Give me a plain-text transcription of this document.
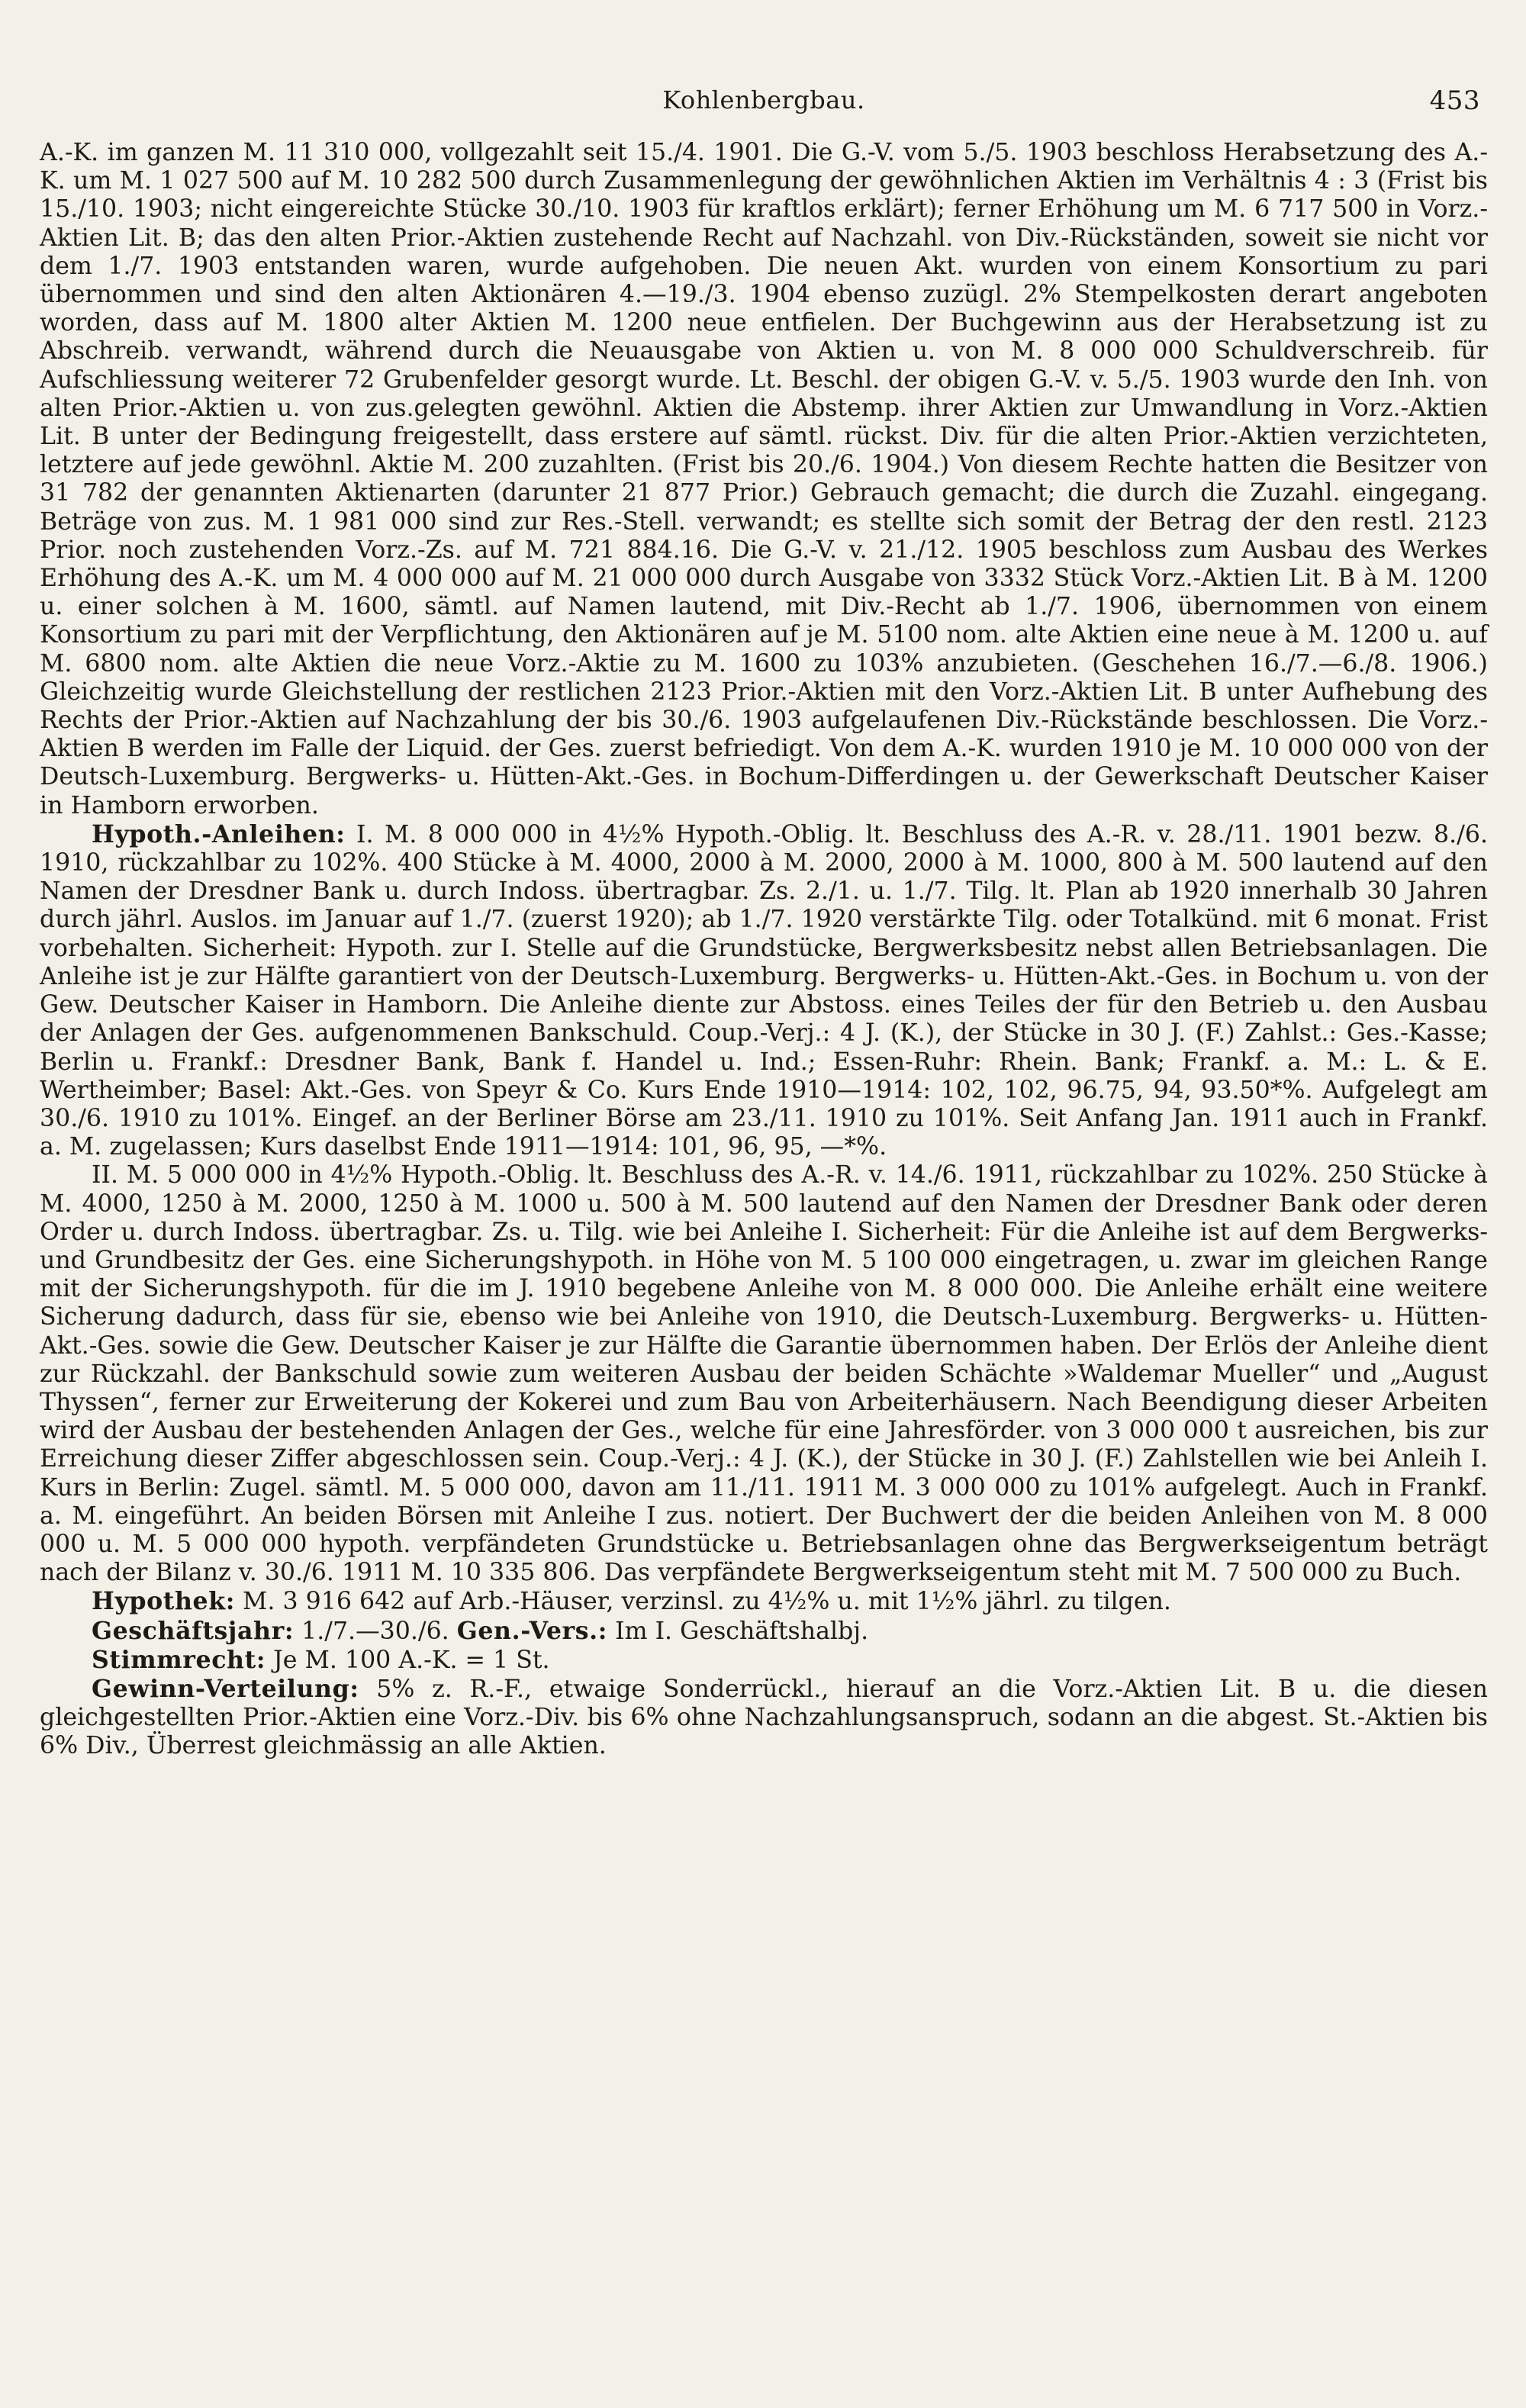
Kohlenbergbau.	453

A.-K. im ganzen M. 11 310 000, vollgezahlt seit 15./4. 1901. Die G.-V. vom 5./5. 1903 beschloss Herabsetzung des A.-K. um M. 1 027 500 auf M. 10 282 500 durch Zusammenlegung der gewöhnlichen Aktien im Verhältnis 4 : 3 (Frist bis 15./10. 1903; nicht eingereichte Stücke 30./10. 1903 für kraftlos erklärt); ferner Erhöhung um M. 6 717 500 in Vorz.-Aktien Lit. B; das den alten Prior.-Aktien zustehende Recht auf Nachzahl. von Div.-Rückständen, soweit sie nicht vor dem 1./7. 1903 entstanden waren, wurde aufgehoben. Die neuen Akt. wurden von einem Konsortium zu pari übernommen und sind den alten Aktionären 4.—19./3. 1904 ebenso zuzügl. 2% Stempelkosten derart angeboten worden, dass auf M. 1800 alter Aktien M. 1200 neue entfielen. Der Buchgewinn aus der Herabsetzung ist zu Abschreib. verwandt, während durch die Neuausgabe von Aktien u. von M. 8 000 000 Schuldverschreib. für Aufschliessung weiterer 72 Grubenfelder gesorgt wurde. Lt. Beschl. der obigen G.-V. v. 5./5. 1903 wurde den Inh. von alten Prior.-Aktien u. von zus.gelegten gewöhnl. Aktien die Abstemp. ihrer Aktien zur Umwandlung in Vorz.-Aktien Lit. B unter der Bedingung freigestellt, dass erstere auf sämtl. rückst. Div. für die alten Prior.-Aktien verzichteten, letztere auf jede gewöhnl. Aktie M. 200 zuzahlten. (Frist bis 20./6. 1904.) Von diesem Rechte hatten die Besitzer von 31 782 der genannten Aktienarten (darunter 21 877 Prior.) Gebrauch gemacht; die durch die Zuzahl. eingegang. Beträge von zus. M. 1 981 000 sind zur Res.-Stell. verwandt; es stellte sich somit der Betrag der den restl. 2123 Prior. noch zustehenden Vorz.-Zs. auf M. 721 884.16. Die G.-V. v. 21./12. 1905 beschloss zum Ausbau des Werkes Erhöhung des A.-K. um M. 4 000 000 auf M. 21 000 000 durch Ausgabe von 3332 Stück Vorz.-Aktien Lit. B à M. 1200 u. einer solchen à M. 1600, sämtl. auf Namen lautend, mit Div.-Recht ab 1./7. 1906, übernommen von einem Konsortium zu pari mit der Verpflichtung, den Aktionären auf je M. 5100 nom. alte Aktien eine neue à M. 1200 u. auf M. 6800 nom. alte Aktien die neue Vorz.-Aktie zu M. 1600 zu 103% anzubieten. (Geschehen 16./7.—6./8. 1906.) Gleichzeitig wurde Gleichstellung der restlichen 2123 Prior.-Aktien mit den Vorz.-Aktien Lit. B unter Aufhebung des Rechts der Prior.-Aktien auf Nachzahlung der bis 30./6. 1903 aufgelaufenen Div.-Rückstände beschlossen. Die Vorz.-Aktien B werden im Falle der Liquid. der Ges. zuerst befriedigt. Von dem A.-K. wurden 1910 je M. 10 000 000 von der Deutsch-Luxemburg. Bergwerks- u. Hütten-Akt.-Ges. in Bochum-Differdingen u. der Gewerkschaft Deutscher Kaiser in Hamborn erworben.

Hypoth.-Anleihen: I. M. 8 000 000 in 4½% Hypoth.-Oblig. lt. Beschluss des A.-R. v. 28./11. 1901 bezw. 8./6. 1910, rückzahlbar zu 102%. 400 Stücke à M. 4000, 2000 à M. 2000, 2000 à M. 1000, 800 à M. 500 lautend auf den Namen der Dresdner Bank u. durch Indoss. übertragbar. Zs. 2./1. u. 1./7. Tilg. lt. Plan ab 1920 innerhalb 30 Jahren durch jährl. Auslos. im Januar auf 1./7. (zuerst 1920); ab 1./7. 1920 verstärkte Tilg. oder Totalkünd. mit 6 monat. Frist vorbehalten. Sicherheit: Hypoth. zur I. Stelle auf die Grundstücke, Bergwerksbesitz nebst allen Betriebsanlagen. Die Anleihe ist je zur Hälfte garantiert von der Deutsch-Luxemburg. Bergwerks- u. Hütten-Akt.-Ges. in Bochum u. von der Gew. Deutscher Kaiser in Hamborn. Die Anleihe diente zur Abstoss. eines Teiles der für den Betrieb u. den Ausbau der Anlagen der Ges. aufgenommenen Bankschuld. Coup.-Verj.: 4 J. (K.), der Stücke in 30 J. (F.) Zahlst.: Ges.-Kasse; Berlin u. Frankf.: Dresdner Bank, Bank f. Handel u. Ind.; Essen-Ruhr: Rhein. Bank; Frankf. a. M.: L. & E. Wertheimber; Basel: Akt.-Ges. von Speyr & Co. Kurs Ende 1910—1914: 102, 102, 96.75, 94, 93.50*%. Aufgelegt am 30./6. 1910 zu 101%. Eingef. an der Berliner Börse am 23./11. 1910 zu 101%. Seit Anfang Jan. 1911 auch in Frankf. a. M. zugelassen; Kurs daselbst Ende 1911—1914: 101, 96, 95, —*%.

II. M. 5 000 000 in 4½% Hypoth.-Oblig. lt. Beschluss des A.-R. v. 14./6. 1911, rückzahlbar zu 102%. 250 Stücke à M. 4000, 1250 à M. 2000, 1250 à M. 1000 u. 500 à M. 500 lautend auf den Namen der Dresdner Bank oder deren Order u. durch Indoss. übertragbar. Zs. u. Tilg. wie bei Anleihe I. Sicherheit: Für die Anleihe ist auf dem Bergwerks- und Grundbesitz der Ges. eine Sicherungshypoth. in Höhe von M. 5 100 000 eingetragen, u. zwar im gleichen Range mit der Sicherungshypoth. für die im J. 1910 begebene Anleihe von M. 8 000 000. Die Anleihe erhält eine weitere Sicherung dadurch, dass für sie, ebenso wie bei Anleihe von 1910, die Deutsch-Luxemburg. Bergwerks- u. Hütten-Akt.-Ges. sowie die Gew. Deutscher Kaiser je zur Hälfte die Garantie übernommen haben. Der Erlös der Anleihe dient zur Rückzahl. der Bankschuld sowie zum weiteren Ausbau der beiden Schächte »Waldemar Mueller“ und „August Thyssen“, ferner zur Erweiterung der Kokerei und zum Bau von Arbeiterhäusern. Nach Beendigung dieser Arbeiten wird der Ausbau der bestehenden Anlagen der Ges., welche für eine Jahresförder. von 3 000 000 t ausreichen, bis zur Erreichung dieser Ziffer abgeschlossen sein. Coup.-Verj.: 4 J. (K.), der Stücke in 30 J. (F.) Zahlstellen wie bei Anleih I. Kurs in Berlin: Zugel. sämtl. M. 5 000 000, davon am 11./11. 1911 M. 3 000 000 zu 101% aufgelegt. Auch in Frankf. a. M. eingeführt. An beiden Börsen mit Anleihe I zus. notiert. Der Buchwert der die beiden Anleihen von M. 8 000 000 u. M. 5 000 000 hypoth. verpfändeten Grundstücke u. Betriebsanlagen ohne das Bergwerkseigentum beträgt nach der Bilanz v. 30./6. 1911 M. 10 335 806. Das verpfändete Bergwerkseigentum steht mit M. 7 500 000 zu Buch.

Hypothek: M. 3 916 642 auf Arb.-Häuser, verzinsl. zu 4½% u. mit 1½% jährl. zu tilgen.

Geschäftsjahr: 1./7.—30./6. Gen.-Vers.: Im I. Geschäftshalbj.

Stimmrecht: Je M. 100 A.-K. = 1 St.

Gewinn-Verteilung: 5% z. R.-F., etwaige Sonderrückl., hierauf an die Vorz.-Aktien Lit. B u. die diesen gleichgestellten Prior.-Aktien eine Vorz.-Div. bis 6% ohne Nachzahlungsanspruch, sodann an die abgest. St.-Aktien bis 6% Div., Überrest gleichmässig an alle Aktien.
